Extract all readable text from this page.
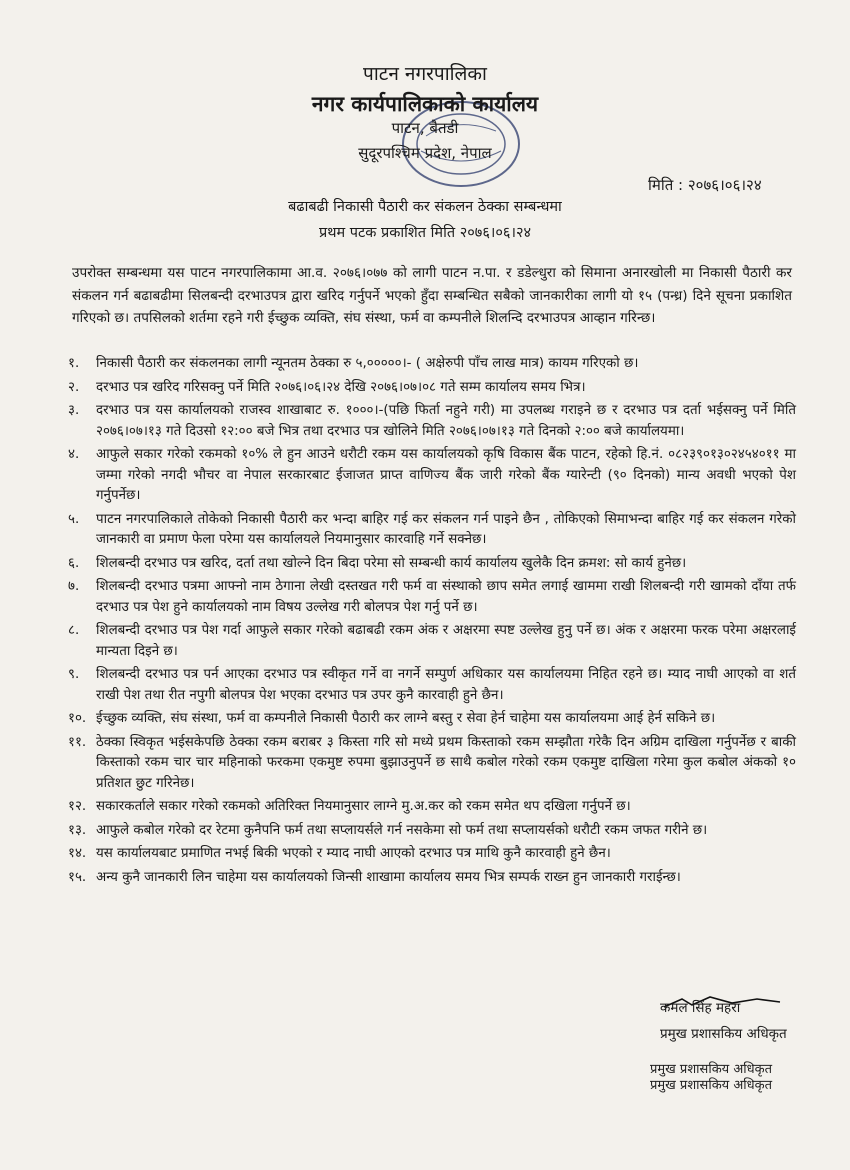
पाटन नगरपालिका
नगर कार्यपालिकाको कार्यालय
पाटन, बैतडी
सुदूरपश्चिम प्रदेश, नेपाल
मिति : २०७६।०६।२४
बढाबढी निकासी पैठारी कर संकलन ठेक्का सम्बन्धमा
प्रथम पटक प्रकाशित मिति २०७६।०६।२४
उपरोक्त सम्बन्धमा यस पाटन नगरपालिकामा आ.व. २०७६।०७७ को लागी पाटन न.पा. र डडेल्धुरा को सिमाना अनारखोली मा निकासी पैठारी कर संकलन गर्न बढाबढीमा सिलबन्दी दरभाउपत्र द्वारा खरिद गर्नुपर्ने भएको हुँदा सम्बन्धित सबैको जानकारीका लागी यो १५ (पन्ध्र) दिने सूचना प्रकाशित गरिएको छ। तपसिलको शर्तमा रहने गरी ईच्छुक व्यक्ति, संघ संस्था, फर्म वा कम्पनीले शिलन्दि दरभाउपत्र आव्हान गरिन्छ।
१.	निकासी पैठारी कर संकलनका लागी न्यूनतम ठेक्का रु ५,०००००।- ( अक्षेरुपी पाँच लाख मात्र) कायम गरिएको छ।
२.	दरभाउ पत्र खरिद गरिसक्नु पर्ने मिति २०७६।०६।२४ देखि २०७६।०७।०८ गते सम्म कार्यालय समय भित्र।
३.	दरभाउ पत्र यस कार्यालयको राजस्व शाखाबाट रु. १०००।-(पछि फिर्ता नहुने गरी) मा उपलब्ध गराइने छ र दरभाउ पत्र दर्ता भईसक्नु पर्ने मिति २०७६।०७।१३ गते दिउसो १२:०० बजे भित्र तथा दरभाउ पत्र खोलिने मिति २०७६।०७।१३ गते दिनको २:०० बजे कार्यालयमा।
४.	आफुले सकार गरेको रकमको १०% ले हुन आउने धरौटी रकम यस कार्यालयको कृषि विकास बैंक पाटन, रहेको हि.नं. ०८२३९०१३०२४५४०११ मा जम्मा गरेको नगदी भौचर वा नेपाल सरकारबाट ईजाजत प्राप्त वाणिज्य बैंक जारी गरेको बैंक ग्यारेन्टी (९० दिनको) मान्य अवधी भएको पेश गर्नुपर्नेछ।
५.	पाटन नगरपालिकाले तोकेको निकासी पैठारी कर भन्दा बाहिर गई कर संकलन गर्न पाइने छैन , तोकिएको सिमाभन्दा बाहिर गई कर संकलन गरेको जानकारी वा प्रमाण फेला परेमा यस कार्यालयले नियमानुसार कारवाहि गर्ने सक्नेछ।
६.	शिलबन्दी दरभाउ पत्र खरिद, दर्ता तथा खोल्ने दिन बिदा परेमा सो सम्बन्धी कार्य कार्यालय खुलेकै दिन क्रमश: सो कार्य हुनेछ।
७.	शिलबन्दी दरभाउ पत्रमा आफ्नो नाम ठेगाना लेखी दस्तखत गरी फर्म वा संस्थाको छाप समेत लगाई खाममा राखी शिलबन्दी गरी खामको दाँया तर्फ दरभाउ पत्र पेश हुने कार्यालयको नाम विषय उल्लेख गरी बोलपत्र पेश गर्नु पर्ने छ।
८.	शिलबन्दी दरभाउ पत्र पेश गर्दा आफुले सकार गरेको बढाबढी रकम अंक र अक्षरमा स्पष्ट उल्लेख हुनु पर्ने छ। अंक र अक्षरमा फरक परेमा अक्षरलाई मान्यता दिइने छ।
९.	शिलबन्दी दरभाउ पत्र पर्न आएका दरभाउ पत्र स्वीकृत गर्ने वा नगर्ने सम्पुर्ण अधिकार यस कार्यालयमा निहित रहने छ। म्याद नाघी आएको वा शर्त राखी पेश तथा रीत नपुगी बोलपत्र पेश भएका दरभाउ पत्र उपर कुनै कारवाही हुने छैन।
१०. ईच्छुक व्यक्ति, संघ संस्था, फर्म वा कम्पनीले निकासी पैठारी कर लाग्ने बस्तु र सेवा हेर्न चाहेमा यस कार्यालयमा आई हेर्न सकिने छ।
११. ठेक्का स्विकृत भईसकेपछि ठेक्का रकम बराबर ३ किस्ता गरि सो मध्ये प्रथम किस्ताको रकम सम्झौता गरेकै दिन अग्रिम दाखिला गर्नुपर्नेछ र बाकी किस्ताको रकम चार चार महिनाको फरकमा एकमुष्ट रुपमा बुझाउनुपर्ने छ साथै कबोल गरेको रकम एकमुष्ट दाखिला गरेमा कुल कबोल अंकको १० प्रतिशत छुट गरिनेछ।
१२. सकारकर्ताले सकार गरेको रकमको अतिरिक्त नियमानुसार लाग्ने मु.अ.कर को रकम समेत थप दखिला गर्नुपर्ने छ।
१३. आफुले कबोल गरेको दर रेटमा कुनैपनि फर्म तथा सप्लायर्सले गर्न नसकेमा सो फर्म तथा सप्लायर्सको धरौटी रकम जफत गरीने छ।
१४. यस कार्यालयबाट प्रमाणित नभई बिकी भएको र म्याद नाघी आएको दरभाउ पत्र माथि कुनै कारवाही हुने छैन।
१५. अन्य कुनै जानकारी लिन चाहेमा यस कार्यालयको जिन्सी शाखामा कार्यालय समय भित्र सम्पर्क राख्न हुन जानकारी गराईन्छ।
कमल सिंह महरा
प्रमुख प्रशासकिय अधिकृत
प्रमुख प्रशासकिय अधिकृत
प्रमुख प्रशासकिय अधिकृत
